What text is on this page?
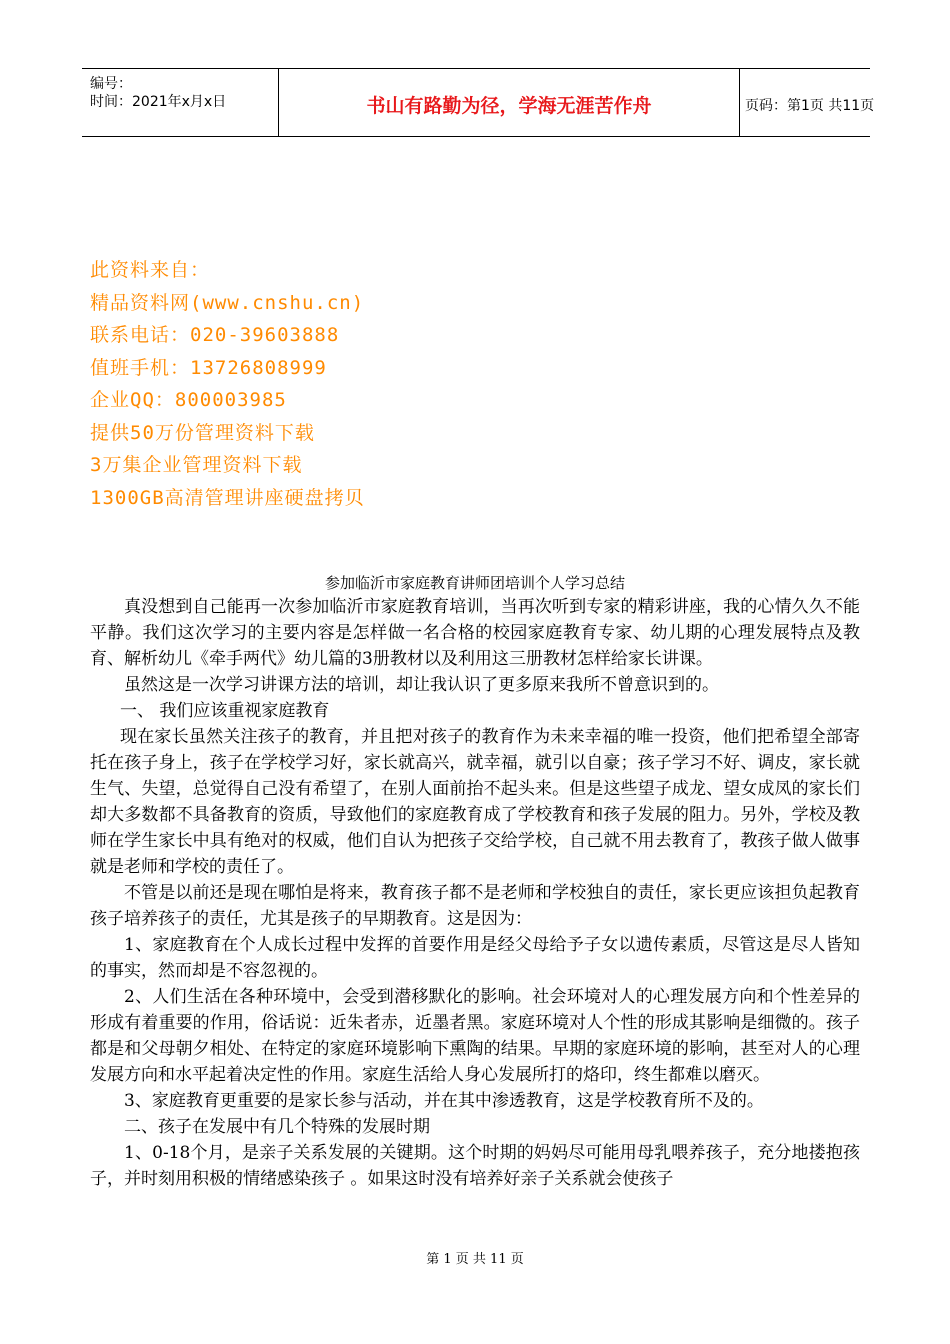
编号：
时间：2021年x月x日	书山有路勤为径，学海无涯苦作舟	页码：第1页 共11页
此资料来自：
精品资料网(www.cnshu.cn)
联系电话：020-39603888
值班手机：13726808999
企业QQ：800003985
提供50万份管理资料下载
3万集企业管理资料下载
1300GB高清管理讲座硬盘拷贝
参加临沂市家庭教育讲师团培训个人学习总结

真没想到自己能再一次参加临沂市家庭教育培训，当再次听到专家的精彩讲座，我的心情久久不能平静。我们这次学习的主要内容是怎样做一名合格的校园家庭教育专家、幼儿期的心理发展特点及教育、解析幼儿《牵手两代》幼儿篇的3册教材以及利用这三册教材怎样给家长讲课。

虽然这是一次学习讲课方法的培训，却让我认识了更多原来我所不曾意识到的。

一、 我们应该重视家庭教育

现在家长虽然关注孩子的教育，并且把对孩子的教育作为未来幸福的唯一投资，他们把希望全部寄托在孩子身上，孩子在学校学习好，家长就高兴，就幸福，就引以自豪；孩子学习不好、调皮，家长就生气、失望，总觉得自己没有希望了，在别人面前抬不起头来。但是这些望子成龙、望女成凤的家长们却大多数都不具备教育的资质，导致他们的家庭教育成了学校教育和孩子发展的阻力。另外，学校及教师在学生家长中具有绝对的权威，他们自认为把孩子交给学校，自己就不用去教育了，教孩子做人做事就是老师和学校的责任了。

不管是以前还是现在哪怕是将来，教育孩子都不是老师和学校独自的责任，家长更应该担负起教育孩子培养孩子的责任，尤其是孩子的早期教育。这是因为：

1、家庭教育在个人成长过程中发挥的首要作用是经父母给予子女以遗传素质，尽管这是尽人皆知的事实，然而却是不容忽视的。

2、人们生活在各种环境中，会受到潜移默化的影响。社会环境对人的心理发展方向和个性差异的形成有着重要的作用，俗话说：近朱者赤，近墨者黑。家庭环境对人个性的形成其影响是细微的。孩子都是和父母朝夕相处、在特定的家庭环境影响下熏陶的结果。早期的家庭环境的影响，甚至对人的心理发展方向和水平起着决定性的作用。家庭生活给人身心发展所打的烙印，终生都难以磨灭。

3、家庭教育更重要的是家长参与活动，并在其中渗透教育，这是学校教育所不及的。

二、孩子在发展中有几个特殊的发展时期

1、0-18个月，是亲子关系发展的关键期。这个时期的妈妈尽可能用母乳喂养孩子，充分地搂抱孩子，并时刻用积极的情绪感染孩子 。如果这时没有培养好亲子关系就会使孩子

第 1 页 共 11 页
